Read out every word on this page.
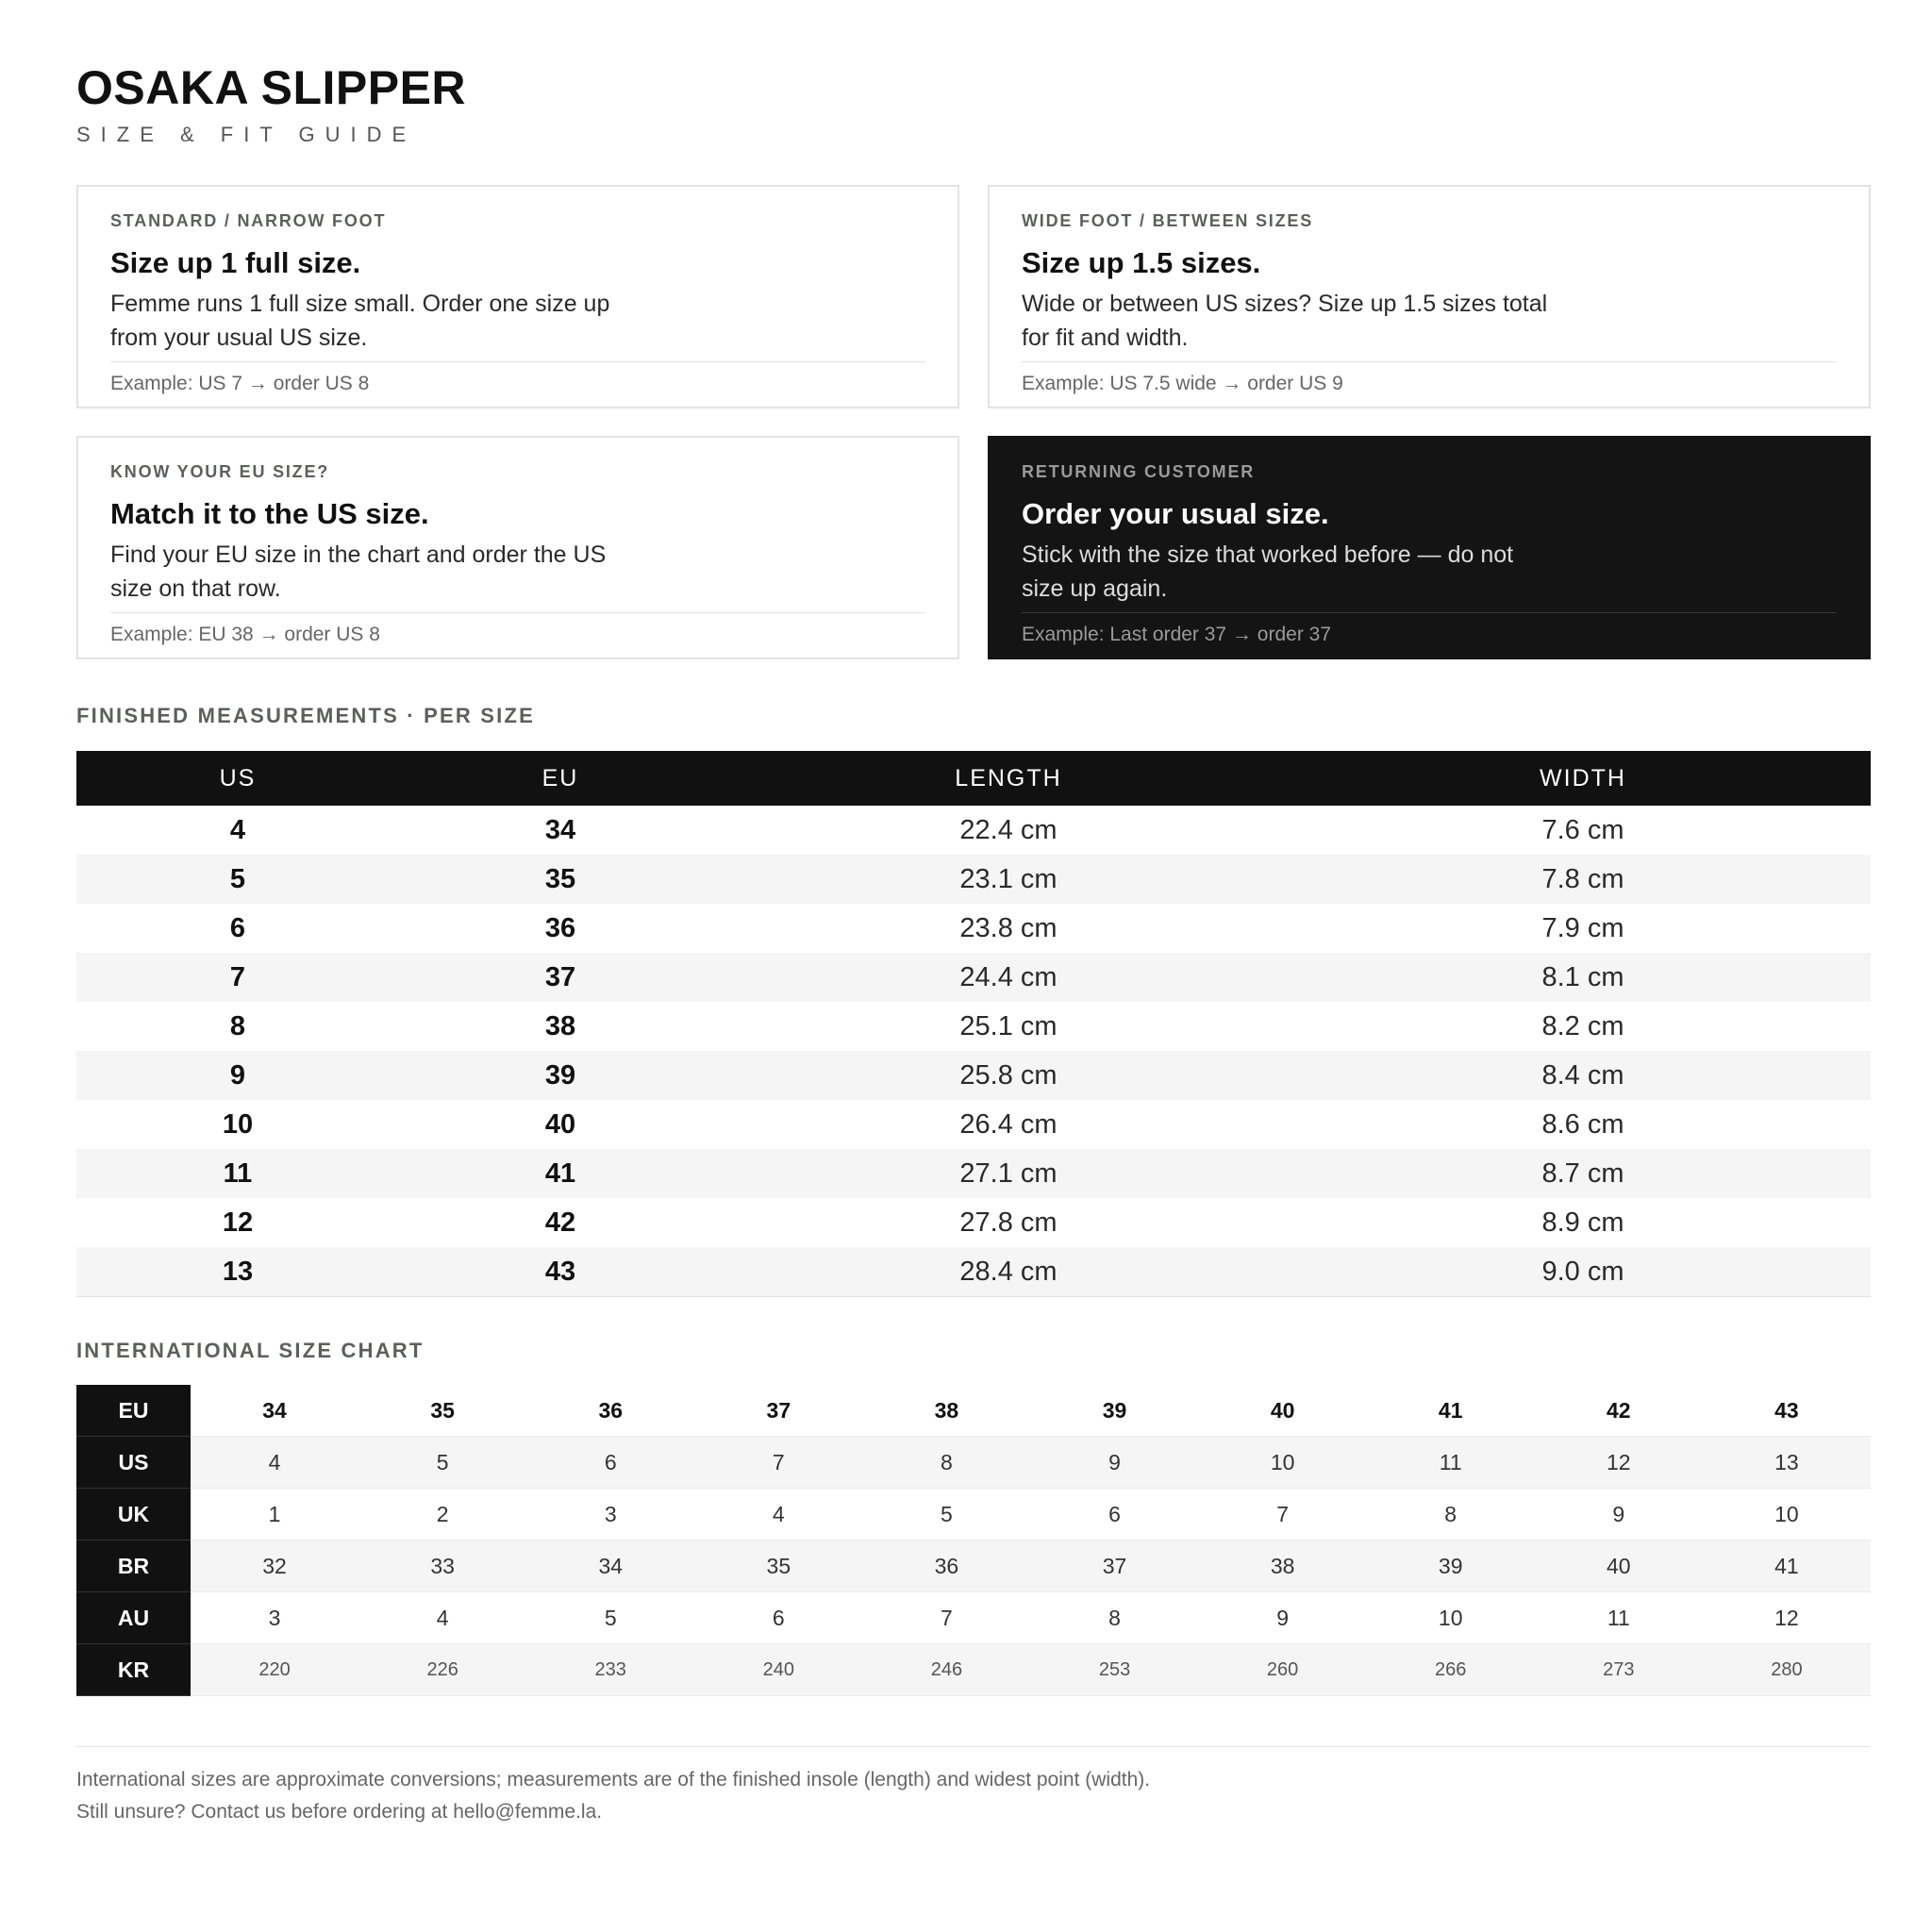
OSAKA SLIPPER
SIZE & FIT GUIDE
STANDARD / NARROW FOOT
Size up 1 full size.
Femme runs 1 full size small. Order one size up from your usual US size.
Example: US 7 → order US 8
WIDE FOOT / BETWEEN SIZES
Size up 1.5 sizes.
Wide or between US sizes? Size up 1.5 sizes total for fit and width.
Example: US 7.5 wide → order US 9
KNOW YOUR EU SIZE?
Match it to the US size.
Find your EU size in the chart and order the US size on that row.
Example: EU 38 → order US 8
RETURNING CUSTOMER
Order your usual size.
Stick with the size that worked before — do not size up again.
Example: Last order 37 → order 37
FINISHED MEASUREMENTS · PER SIZE
US	EU	LENGTH	WIDTH
4	34	22.4 cm	7.6 cm
5	35	23.1 cm	7.8 cm
6	36	23.8 cm	7.9 cm
7	37	24.4 cm	8.1 cm
8	38	25.1 cm	8.2 cm
9	39	25.8 cm	8.4 cm
10	40	26.4 cm	8.6 cm
11	41	27.1 cm	8.7 cm
12	42	27.8 cm	8.9 cm
13	43	28.4 cm	9.0 cm
INTERNATIONAL SIZE CHART
EU	34	35	36	37	38	39	40	41	42	43
US	4	5	6	7	8	9	10	11	12	13
UK	1	2	3	4	5	6	7	8	9	10
BR	32	33	34	35	36	37	38	39	40	41
AU	3	4	5	6	7	8	9	10	11	12
KR	220	226	233	240	246	253	260	266	273	280
International sizes are approximate conversions; measurements are of the finished insole (length) and widest point (width).
Still unsure? Contact us before ordering at hello@femme.la.
